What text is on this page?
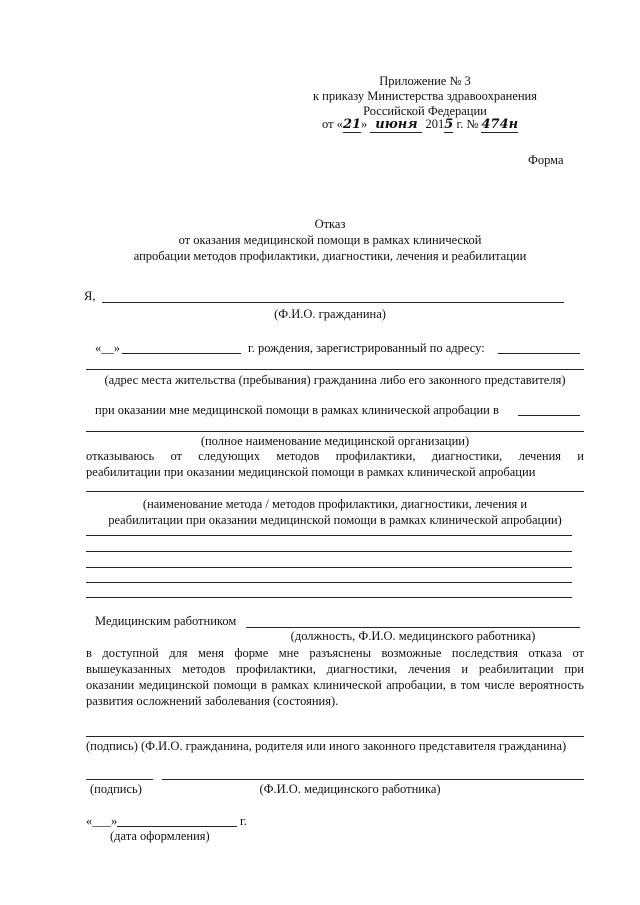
Приложение № 3
к приказу Министерства здравоохранения
Российской Федерации
от «21» июня 2015 г. № 474н
Форма
Отказ
от оказания медицинской помощи в рамках клинической
апробации методов профилактики, диагностики, лечения и реабилитации
Я,
(Ф.И.О. гражданина)
«__»	г. рождения, зарегистрированный по адресу:
(адрес места жительства (пребывания) гражданина либо его законного представителя)
при оказании мне медицинской помощи в рамках клинической апробации в
(полное наименование медицинской организации)
отказываюсь от следующих методов профилактики, диагностики, лечения и
реабилитации при оказании медицинской помощи в рамках клинической апробации
(наименование метода / методов профилактики, диагностики, лечения и
реабилитации при оказании медицинской помощи в рамках клинической апробации)
Медицинским работником
(должность, Ф.И.О. медицинского работника)
в доступной для меня форме мне разъяснены возможные последствия отказа от
вышеуказанных методов профилактики, диагностики, лечения и реабилитации при
оказании медицинской помощи в рамках клинической апробации, в том числе вероятность
развития осложнений заболевания (состояния).
(подпись) (Ф.И.О. гражданина, родителя или иного законного представителя гражданина)
(подпись)	(Ф.И.О. медицинского работника)
«___»	г.
(дата оформления)
